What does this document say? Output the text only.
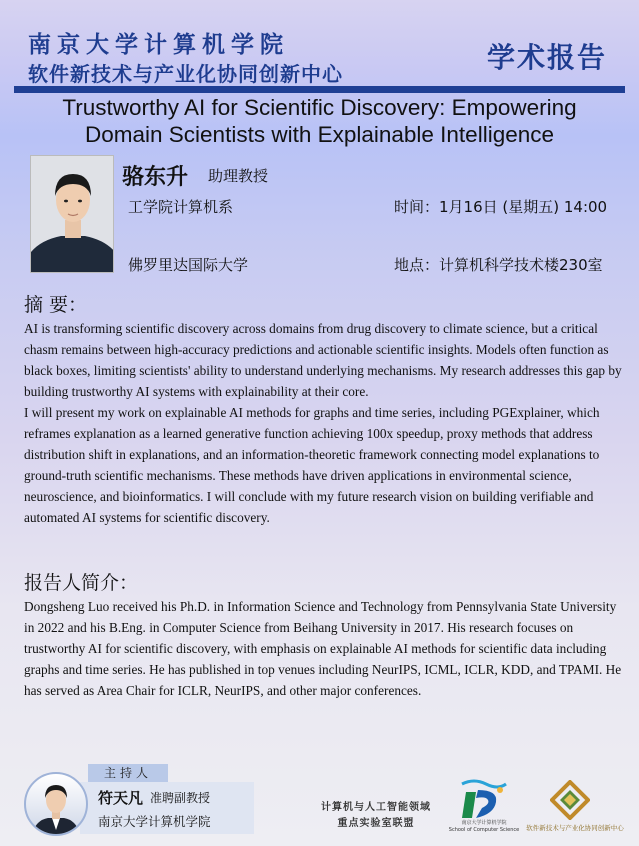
南京大学计算机学院
软件新技术与产业化协同创新中心	学术报告
Trustworthy AI for Scientific Discovery: Empowering
Domain Scientists with Explainable Intelligence
骆东升 助理教授
工学院计算机系
佛罗里达国际大学
时间：1月16日 (星期五) 14:00
地点：计算机科学技术楼230室
摘 要：

AI is transforming scientific discovery across domains from drug discovery to climate science, but a critical chasm remains between high-accuracy predictions and actionable scientific insights. Models often function as black boxes, limiting scientists' ability to understand underlying mechanisms. My research addresses this gap by building trustworthy AI systems with explainability at their core.

I will present my work on explainable AI methods for graphs and time series, including PGExplainer, which reframes explanation as a learned generative function achieving 100x speedup, proxy methods that address distribution shift in explanations, and an information-theoretic framework connecting model explanations to ground-truth scientific mechanisms. These methods have driven applications in environmental science, neuroscience, and bioinformatics. I will conclude with my future research vision on building verifiable and automated AI systems for scientific discovery.

报告人简介：

Dongsheng Luo received his Ph.D. in Information Science and Technology from Pennsylvania State University in 2022 and his B.Eng. in Computer Science from Beihang University in 2017. His research focuses on trustworthy AI for scientific discovery, with emphasis on explainable AI methods for scientific data including graphs and time series. He has published in top venues including NeurIPS, ICML, ICLR, KDD, and TPAMI. He has served as Area Chair for ICLR, NeurIPS, and other major conferences.

主持人
符天凡 准聘副教授
南京大学计算机学院
计算机与人工智能领域
重点实验室联盟	南京大学计算机学院
School of Computer Science	软件新技术与产业化协同创新中心
